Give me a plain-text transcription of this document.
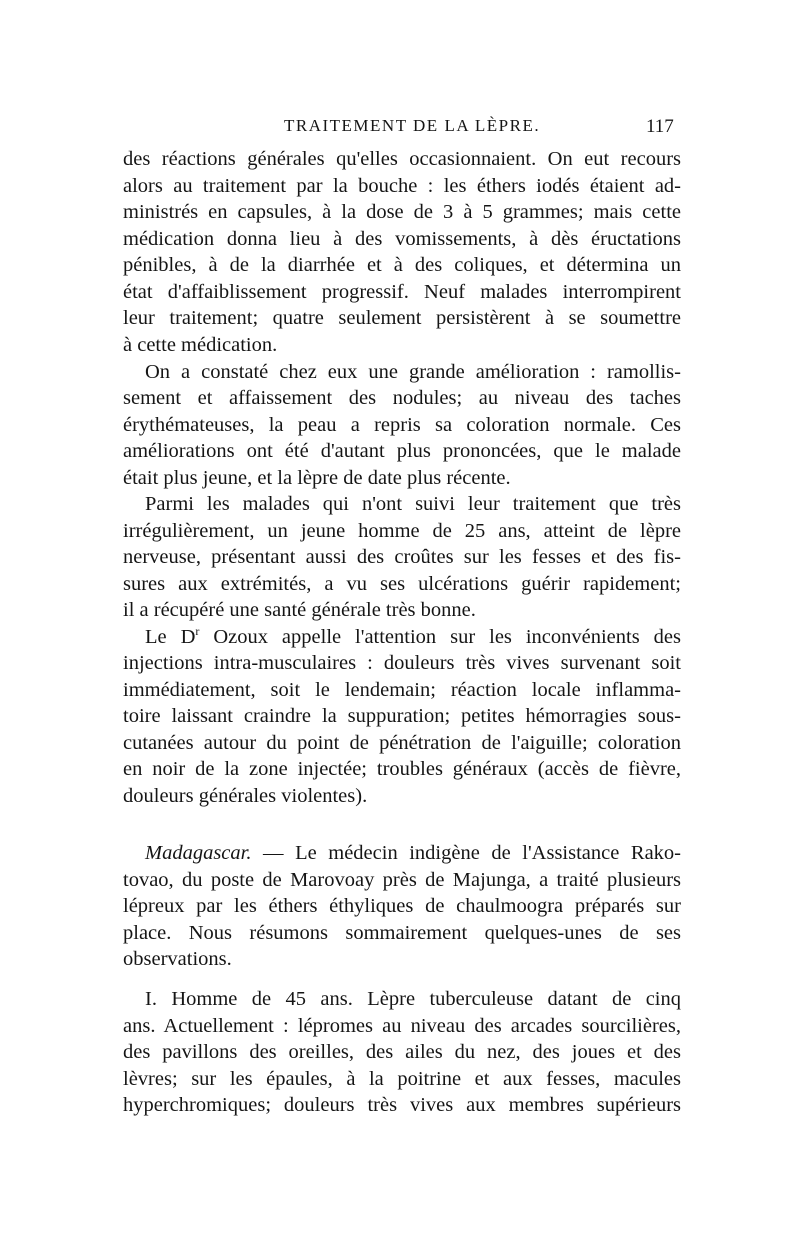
TRAITEMENT DE LA LÈPRE.	117
des réactions générales qu'elles occasionnaient. On eut recours
alors au traitement par la bouche : les éthers iodés étaient ad-
ministrés en capsules, à la dose de 3 à 5 grammes; mais cette
médication donna lieu à des vomissements, à dès éructations
pénibles, à de la diarrhée et à des coliques, et détermina un
état d'affaiblissement progressif. Neuf malades interrompirent
leur traitement; quatre seulement persistèrent à se soumettre
à cette médication.
On a constaté chez eux une grande amélioration : ramollis-
sement et affaissement des nodules; au niveau des taches
érythémateuses, la peau a repris sa coloration normale. Ces
améliorations ont été d'autant plus prononcées, que le malade
était plus jeune, et la lèpre de date plus récente.
Parmi les malades qui n'ont suivi leur traitement que très
irrégulièrement, un jeune homme de 25 ans, atteint de lèpre
nerveuse, présentant aussi des croûtes sur les fesses et des fis-
sures aux extrémités, a vu ses ulcérations guérir rapidement;
il a récupéré une santé générale très bonne.
Le $D^r$ Ozoux appelle l'attention sur les inconvénients des
injections intra-musculaires : douleurs très vives survenant soit
immédiatement, soit le lendemain; réaction locale inflamma-
toire laissant craindre la suppuration; petites hémorragies sous-
cutanées autour du point de pénétration de l'aiguille; coloration
en noir de la zone injectée; troubles généraux (accès de fièvre,
douleurs générales violentes).
Madagascar. — Le médecin indigène de l'Assistance Rako-
tovao, du poste de Marovoay près de Majunga, a traité plusieurs
lépreux par les éthers éthyliques de chaulmoogra préparés sur
place. Nous résumons sommairement quelques-unes de ses
observations.
I. Homme de 45 ans. Lèpre tuberculeuse datant de cinq
ans. Actuellement : lépromes au niveau des arcades sourcilières,
des pavillons des oreilles, des ailes du nez, des joues et des
lèvres; sur les épaules, à la poitrine et aux fesses, macules
hyperchromiques; douleurs très vives aux membres supérieurs
